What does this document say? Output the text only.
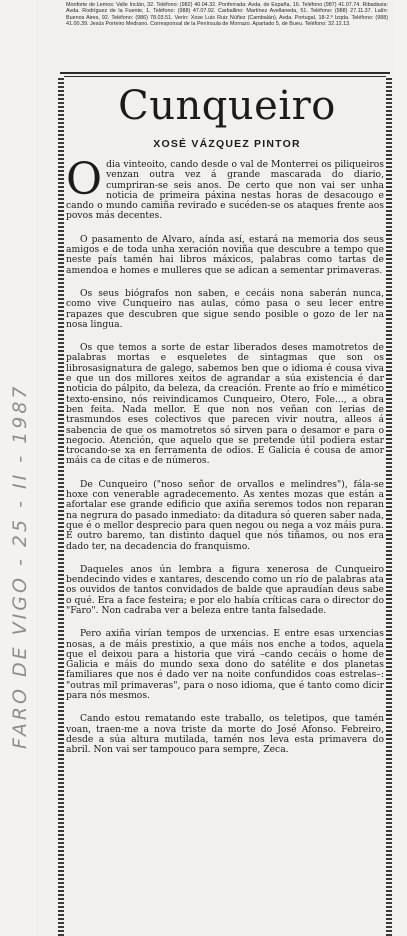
Monforte de Lemos: Valle Inclán, 32. Teléfono: (982) 40.04.32. Ponferrada: Avda. de España, 16. Teléfono (987) 41.07.74. Ribadavia: Avda. Rodríguez de la Fuente, 1. Teléfono: (988) 47.07.92. Carballino: Martínez Avellaneda, 51. Teléfono: (988) 27.11.37. Lalín: Buenos Aires, 92. Teléfono: (986) 78.03.51. Verín: Xose Luis Ruiz Núñez (Cambalán), Avda. Portugal, 18-2.º Izqda. Teléfono: (988) 41.00.39. Jesús Porteiro Medrano. Corresponsal de la Península de Morrazo. Apartado 5, de Bueu. Teléfono: 32.12.13.
Cunqueiro
XOSÉ VÁZQUEZ PINTOR

Odia vinteoito, cando desde o val de Monterrei os piliqueiros venzan outra vez á grande mascarada do diario, cumpriran-se seis anos. De certo que non vai ser unha noticia de primeira páxina nestas horas de desacougo e cando o mundo camiña revirado e sucéden-se os ataques frente aos povos más decentes.

O pasamento de Alvaro, aínda así, estará na memoria dos seus amigos e de toda unha xeración noviña que descubre a tempo que neste país tamén hai libros máxicos, palabras como tartas de amendoa e homes e mulleres que se adican a sementar primaveras.

Os seus biógrafos non saben, e cecáis nona saberán nunca, como vive Cunqueiro nas aulas, cómo pasa o seu lecer entre rapazes que descubren que sigue sendo posible o gozo de ler na nosa lingua.

Os que temos a sorte de estar liberados deses mamotretos de palabras mortas e esqueletes de sintagmas que son os librosasignatura de galego, sabemos ben que o idioma é cousa viva e que un dos millores xeitos de agrandar a súa existencia é dar noticia do pálpito, da beleza, da creación. Frente ao frío e mimético texto-ensino, nós reivindicamos Cunqueiro, Otero, Fole..., a obra ben feita. Nada mellor. E que non nos veñan con lerias de trasmundos eses colectivos que parecen vivir noutra, alleos á sabencia de que os mamotretos só sirven para o desamor e para o negocio. Atención, que aquelo que se pretende útil podiera estar trocando-se xa en ferramenta de odios. E Galicia é cousa de amor máis ca de citas e de números.

De Cunqueiro ("noso señor de orvallos e melindres"), fála-se hoxe con venerable agradecemento. As xentes mozas que están a afortalar ese grande edificio que axiña seremos todos non reparan na negrura do pasado inmediato: da ditadura só queren saber nada, que é o mellor desprecio para quen negou ou nega a voz máis pura. É outro baremo, tan distinto daquel que nós tiñamos, ou nos era dado ter, na decadencia do franquismo.

Daqueles anos ún lembra a figura xenerosa de Cunqueiro bendecindo vides e xantares, descendo como un río de palabras ata os ouvidos de tantos convidados de balde que apraudían deus sabe o qué. Era a face festeira; e por elo había críticas cara o director do "Faro". Non cadraba ver a beleza entre tanta falsedade.

Pero axiña virían tempos de urxencias. E entre esas urxencias nosas, a de máis prestixio, a que máis nos enche a todos, aquela que el deixou para a historia que virá –cando cecáis o home de Galicia e máis do mundo sexa dono do satélite e dos planetas familiares que nos é dado ver na noite confundidos coas estrelas–: "outras mil primaveras", para o noso idioma, que é tanto como dicir para nós mesmos.

Cando estou rematando este traballo, os teletipos, que tamén voan, traen-me a nova triste da morte do José Afonso. Febreiro, desde a súa altura mutilada, tamén nos leva esta primavera do abril. Non vai ser tampouco para sempre, Zeca.

FARO DE VIGO - 25 - II - 1987
